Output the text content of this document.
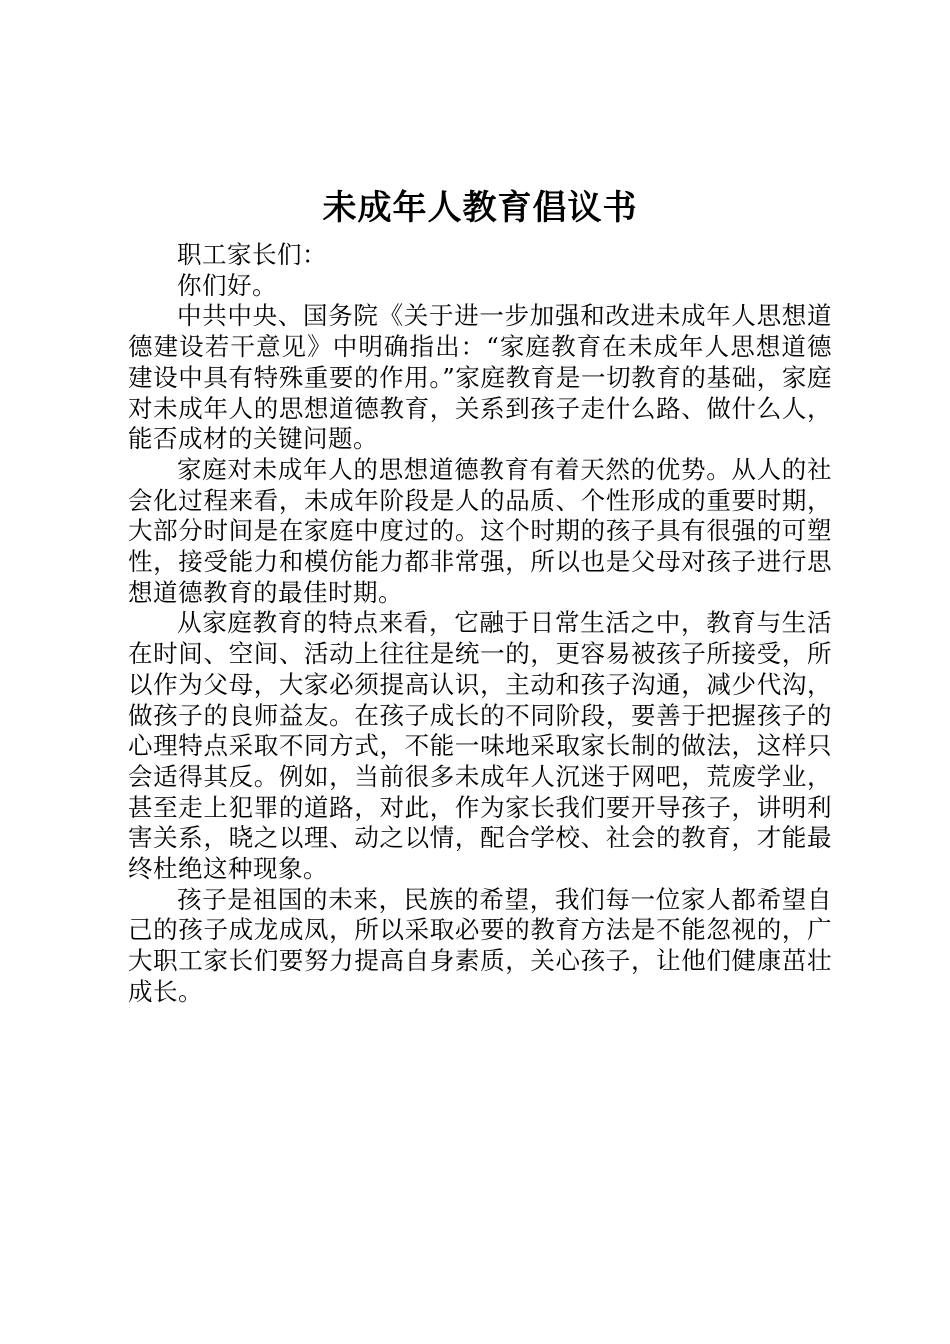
未成年人教育倡议书

职工家长们：

你们好。

中共中央、国务院《关于进一步加强和改进未成年人思想道德建设若干意见》中明确指出：“家庭教育在未成年人思想道德建设中具有特殊重要的作用。”家庭教育是一切教育的基础，家庭对未成年人的思想道德教育，关系到孩子走什么路、做什么人，能否成材的关键问题。

家庭对未成年人的思想道德教育有着天然的优势。从人的社会化过程来看，未成年阶段是人的品质、个性形成的重要时期，大部分时间是在家庭中度过的。这个时期的孩子具有很强的可塑性，接受能力和模仿能力都非常强，所以也是父母对孩子进行思想道德教育的最佳时期。

从家庭教育的特点来看，它融于日常生活之中，教育与生活在时间、空间、活动上往往是统一的，更容易被孩子所接受，所以作为父母，大家必须提高认识，主动和孩子沟通，减少代沟，做孩子的良师益友。在孩子成长的不同阶段，要善于把握孩子的心理特点采取不同方式，不能一味地采取家长制的做法，这样只会适得其反。例如，当前很多未成年人沉迷于网吧，荒废学业，甚至走上犯罪的道路，对此，作为家长我们要开导孩子，讲明利害关系，晓之以理、动之以情，配合学校、社会的教育，才能最终杜绝这种现象。

孩子是祖国的未来，民族的希望，我们每一位家人都希望自己的孩子成龙成凤，所以采取必要的教育方法是不能忽视的，广大职工家长们要努力提高自身素质，关心孩子，让他们健康茁壮成长。
